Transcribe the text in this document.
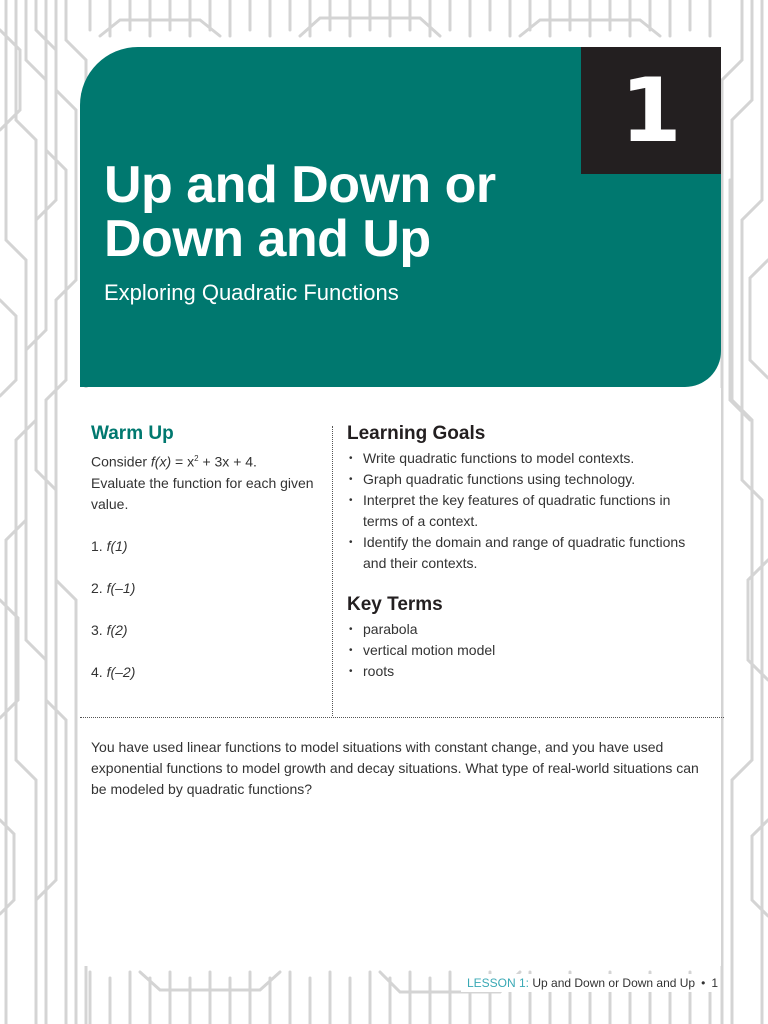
1
Up and Down or
Down and Up
Exploring Quadratic Functions
Warm Up
Consider $f(x) = x^2 + 3x + 4$.
Evaluate the function for each given value.
1. f(1)
2. f(–1)
3. f(2)
4. f(–2)
Learning Goals
• Write quadratic functions to model contexts.
• Graph quadratic functions using technology.
• Interpret the key features of quadratic functions in terms of a context.
• Identify the domain and range of quadratic functions and their contexts.
Key Terms
• parabola
• vertical motion model
• roots

You have used linear functions to model situations with constant change, and you have used exponential functions to model growth and decay situations. What type of real-world situations can be modeled by quadratic functions?

LESSON 1: Up and Down or Down and Up • 1
